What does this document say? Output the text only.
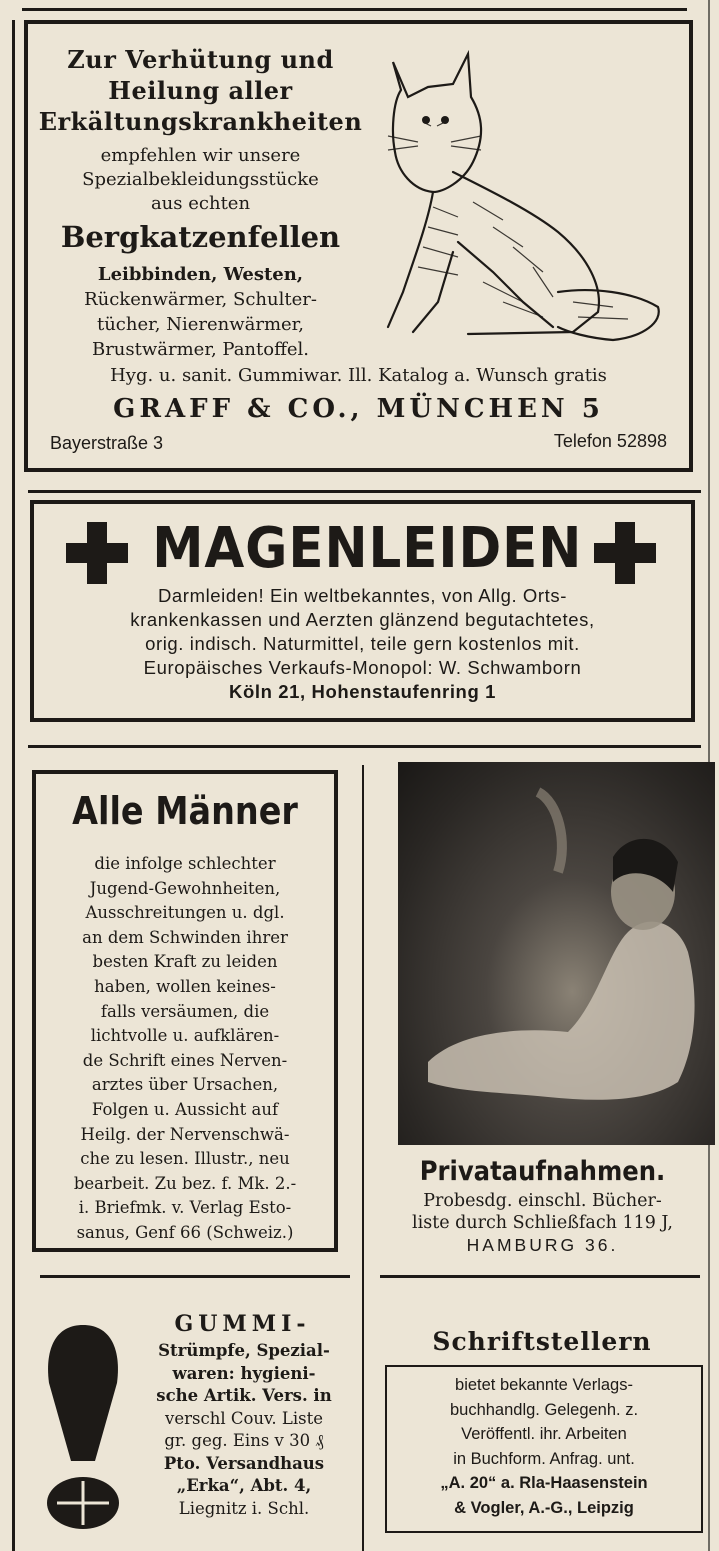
Zur Verhütung und
Heilung aller
Erkältungskrankheiten
empfehlen wir unsere
Spezialbekleidungsstücke
aus echten
Bergkatzenfellen
Leibbinden, Westen,
Rückenwärmer, Schulter-
tücher, Nierenwärmer,
Brustwärmer, Pantoffel.
Hyg. u. sanit. Gummiwar. Ill. Katalog a. Wunsch gratis
GRAFF & CO., MÜNCHEN 5
Bayerstraße 3	Telefon 52898
MAGENLEIDEN
Darmleiden! Ein weltbekanntes, von Allg. Orts-
krankenkassen und Aerzten glänzend begutachtetes,
orig. indisch. Naturmittel, teile gern kostenlos mit.
Europäisches Verkaufs-Monopol: W. Schwamborn
Köln 21, Hohenstaufenring 1
Alle Männer
die infolge schlechter
Jugend-Gewohnheiten,
Ausschreitungen u. dgl.
an dem Schwinden ihrer
besten Kraft zu leiden
haben, wollen keines-
falls versäumen, die
lichtvolle u. aufklären-
de Schrift eines Nerven-
arztes über Ursachen,
Folgen u. Aussicht auf
Heilg. der Nervenschwä-
che zu lesen. Illustr., neu
bearbeit. Zu bez. f. Mk. 2.-
i. Briefmk. v. Verlag Esto-
sanus, Genf 66 (Schweiz.)
Privataufnahmen.
Probesdg. einschl. Bücher-
liste durch Schließfach 119 J,
HAMBURG 36.
GUMMI-
Strümpfe, Spezial-
waren: hygieni-
sche Artik. Vers. in
verschl Couv. Liste
gr. geg. Eins v 30 ₰
Pto. Versandhaus
„Erka“, Abt. 4,
Liegnitz i. Schl.
Schriftstellern
bietet bekannte Verlags-
buchhandlg. Gelegenh. z.
Veröffentl. ihr. Arbeiten
in Buchform. Anfrag. unt.
„A. 20“ a. Rla-Haasenstein
& Vogler, A.-G., Leipzig
